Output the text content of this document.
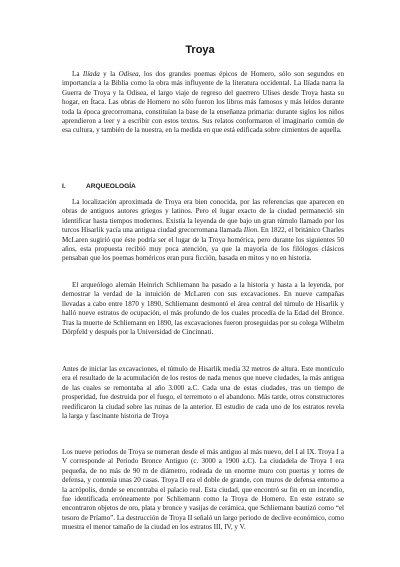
Troya

La Ilíada y la Odisea, los dos grandes poemas épicos de Homero, sólo son segundos en importancia a la Biblia como la obra más influyente de la literatura occidental. La Ilíada narra la Guerra de Troya y la Odisea, el largo viaje de regreso del guerrero Ulises desde Troya hasta su hogar, en Ítaca. Las obras de Homero no sólo fueron los libros más famosos y más leídos durante toda la época grecorromana, constituían la base de la enseñanza primaria: durante siglos los niños aprendieron a leer y a escribir con estos textos. Sus relatos conformaron el imaginario común de esa cultura, y también de la nuestra, en la medida en que está edificada sobre cimientos de aquella.

I.	ARQUEOLOGÍA

La localización aproximada de Troya era bien conocida, por las referencias que aparecen en obras de antiguos autores griegos y latinos. Pero el lugar exacto de la ciudad permaneció sin identificar hasta tiempos modernos. Existía la leyenda de que bajo un gran túmulo llamado por los turcos Hisarlik yacía una antigua ciudad grecorromana llamada Ilion. En 1822, el británico Charles McLaren sugirió que éste podría ser el lugar de la Troya homérica, pero durante los siguientes 50 años, esta propuesta recibió muy poca atención, ya que la mayoría de los filólogos clásicos pensaban que los poemas homéricos eran pura ficción, basada en mitos y no en historia.

El arqueólogo alemán Heinrich Schliemann ha pasado a la historia y hasta a la leyenda, por demostrar la verdad de la intuición de McLaren con sus excavaciones. En nueve campañas llevadas a cabo entre 1870 y 1890, Schliemann desmontó el área central del túmulo de Hisarlik y halló nueve estratos de ocupación, el más profundo de los cuales procedía de la Edad del Bronce. Tras la muerte de Schliemann en 1890, las excavaciones fueron proseguidas por su colega Wilhelm Dörpfeld y después por la Universidad de Cincinnati.

Antes de iniciar las excavaciones, el túmulo de Hisarlik medía 32 metros de altura. Este montículo era el resultado de la acumulación de los restos de nada menos que nueve ciudades, la más antigua de las cuales se remontaba al año 3.000 a.C. Cada una de estas ciudades, tras un tiempo de prosperidad, fue destruida por el fuego, el terremoto o el abandono. Más tarde, otros constructores reedificaron la ciudad sobre las ruinas de la anterior. El estudio de cada uno de los estratos revela la larga y fascinante historia de Troya

Los nueve periodos de Troya se numeran desde el más antiguo al más nuevo, del I al IX. Troya I a V corresponde al Periodo Bronce Antiguo (c. 3000 a 1900 a.C). La ciudadela de Troya I era pequeña, de no más de 90 m de diámetro, rodeada de un enorme muro con puertas y torres de defensa, y contenía unas 20 casas. Troya II era el doble de grande, con muros de defensa entorno a la acrópolis, donde se encontraba el palacio real. Esta ciudad, que encontró su fin en un incendio, fue identificada erróneamente por Schliemann como la Troya de Homero. En este estrato se encontraron objetos de oro, plata y bronce y vasijas de cerámica, que Schliemann bautizó como “el tesoro de Príamo”. La destrucción de Troya II señaló un largo periodo de declive económico, como muestra el menor tamaño de la ciudad en los estratos III, IV, y V.
